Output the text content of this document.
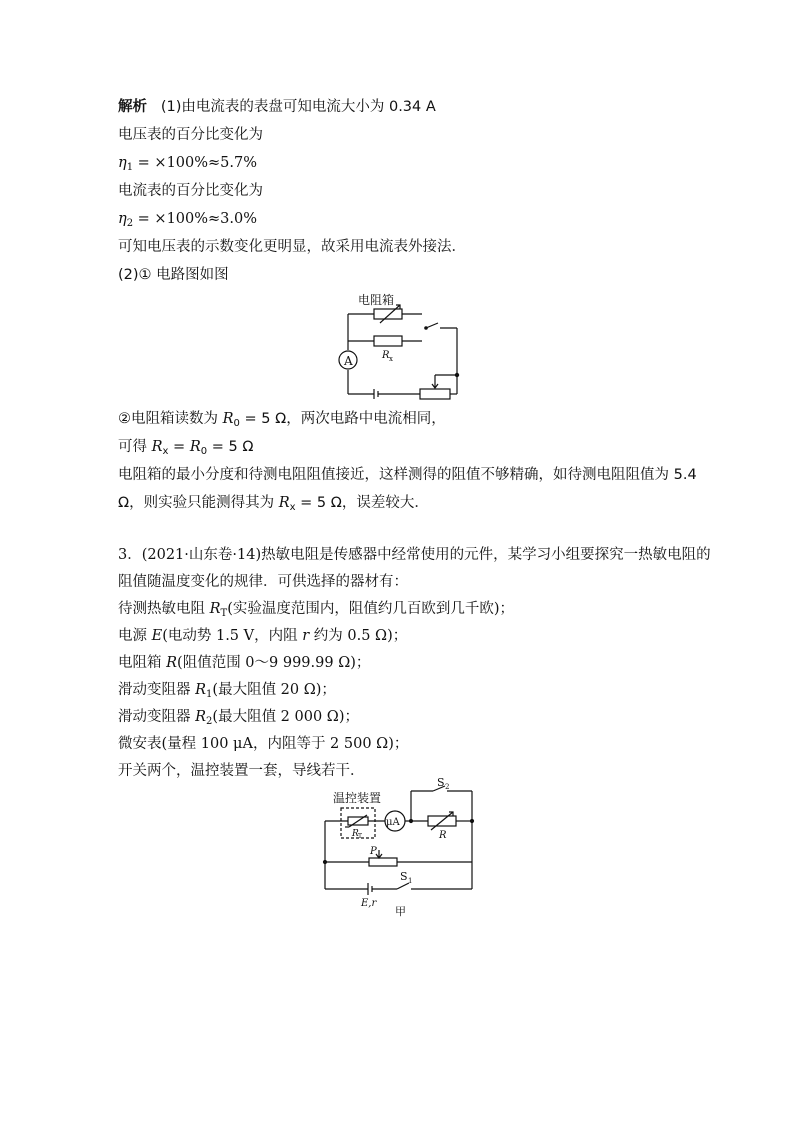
解析 (1)由电流表的表盘可知电流大小为 0.34 A
电压表的百分比变化为
$\eta_1 = \times 100\%\approx 5.7\%$
电流表的百分比变化为
$\eta_2 = \times 100\%\approx 3.0\%$
可知电压表的示数变化更明显，故采用电流表外接法．
(2)① 电路图如图
电阻箱
A	R x
②电阻箱读数为 $R_0 = 5$ Ω，两次电路中电流相同，
可得 $R_x = R_0 = 5$ Ω
电阻箱的最小分度和待测电阻阻值接近，这样测得的阻值不够精确，如待测电阻阻值为 5.4
Ω，则实验只能测得其为 $R_x = 5$ Ω，误差较大．
3．(2021·山东卷·14)热敏电阻是传感器中经常使用的元件，某学习小组要探究一热敏电阻的
阻值随温度变化的规律．可供选择的器材有：
待测热敏电阻 $R_T$(实验温度范围内，阻值约几百欧到几千欧)；
电源 E(电动势 1.5 V，内阻 r 约为 0.5 Ω)；
电阻箱 R(阻值范围 0～9 999.99 Ω)；
滑动变阻器 $R_1$(最大阻值 20 Ω)；
滑动变阻器 $R_2$(最大阻值 2 000 Ω)；
微安表(量程 100 μA，内阻等于 2 500 Ω)；
开关两个，温控装置一套，导线若干．
S 2
温控装置
R T
μA
R
P
S 1
E,r
甲
